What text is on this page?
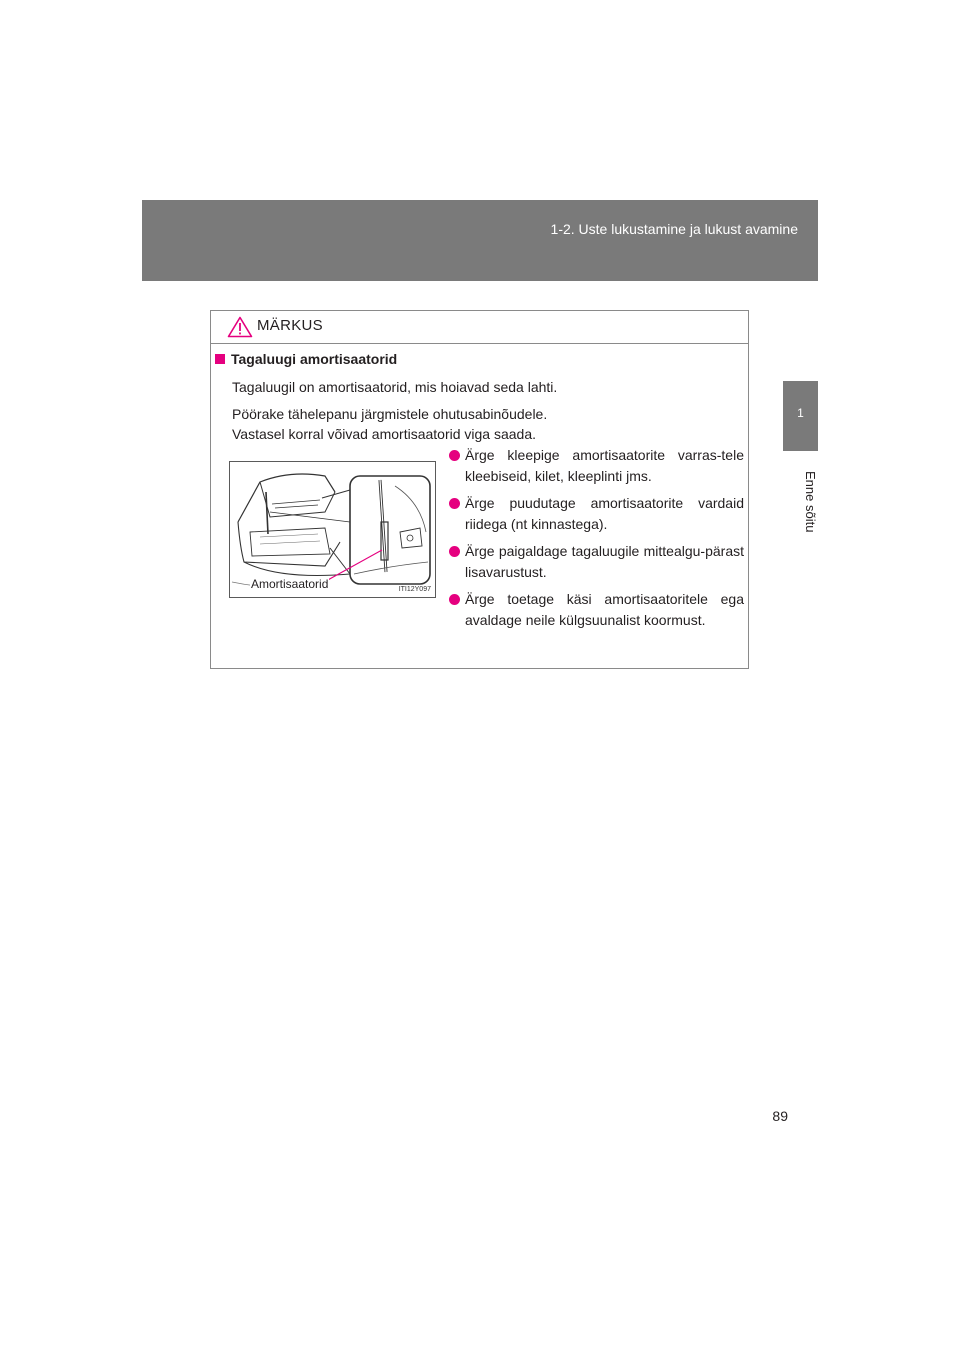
1-2. Uste lukustamine ja lukust avamine
1
Enne sõitu
MÄRKUS
Tagaluugi amortisaatorid
Tagaluugil on amortisaatorid, mis hoiavad seda lahti.
Pöörake tähelepanu järgmistele ohutusabinõudele.
Vastasel korral võivad amortisaatorid viga saada.
Amortisaatorid	ITI12Y097
Ärge kleepige amortisaatorite varras-tele kleebiseid, kilet, kleeplinti jms.
Ärge puudutage amortisaatorite vardaid riidega (nt kinnastega).
Ärge paigaldage tagaluugile mittealgu-pärast lisavarustust.
Ärge toetage käsi amortisaatoritele ega avaldage neile külgsuunalist koormust.
89
